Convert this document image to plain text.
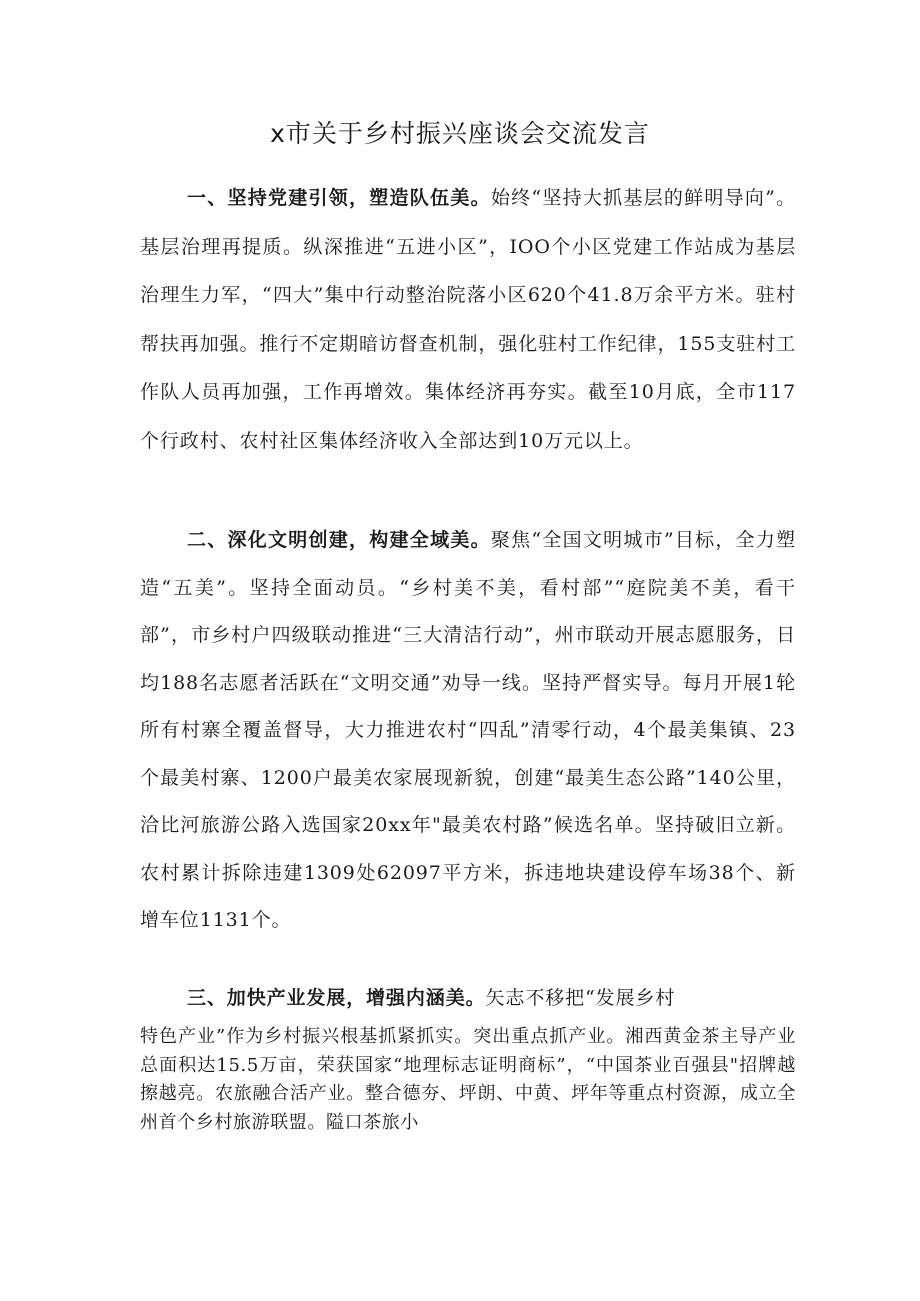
x市关于乡村振兴座谈会交流发言

一、坚持党建引领，塑造队伍美。始终“坚持大抓基层的鲜明导向”。基层治理再提质。纵深推进“五进小区”，IOO个小区党建工作站成为基层治理生力军，“四大”集中行动整治院落小区620个41.8万余平方米。驻村帮扶再加强。推行不定期暗访督查机制，强化驻村工作纪律，155支驻村工作队人员再加强，工作再增效。集体经济再夯实。截至10月底，全市117个行政村、农村社区集体经济收入全部达到10万元以上。

二、深化文明创建，构建全域美。聚焦“全国文明城市”目标，全力塑造“五美”。坚持全面动员。“乡村美不美，看村部”“庭院美不美，看干部”，市乡村户四级联动推进“三大清洁行动”，州市联动开展志愿服务，日均188名志愿者活跃在“文明交通”劝导一线。坚持严督实导。每月开展1轮所有村寨全覆盖督导，大力推进农村“四乱”清零行动，4个最美集镇、23个最美村寨、1200户最美农家展现新貌，创建“最美生态公路”140公里，洽比河旅游公路入选国家20xx年"最美农村路”候选名单。坚持破旧立新。农村累计拆除违建1309处62097平方米，拆违地块建设停车场38个、新增车位1131个。

三、加快产业发展，增强内涵美。矢志不移把“发展乡村

特色产业”作为乡村振兴根基抓紧抓实。突出重点抓产业。湘西黄金茶主导产业总面积达15.5万亩，荣获国家“地理标志证明商标”，“中国茶业百强县"招牌越擦越亮。农旅融合活产业。整合德夯、坪朗、中黄、坪年等重点村资源，成立全州首个乡村旅游联盟。隘口茶旅小
